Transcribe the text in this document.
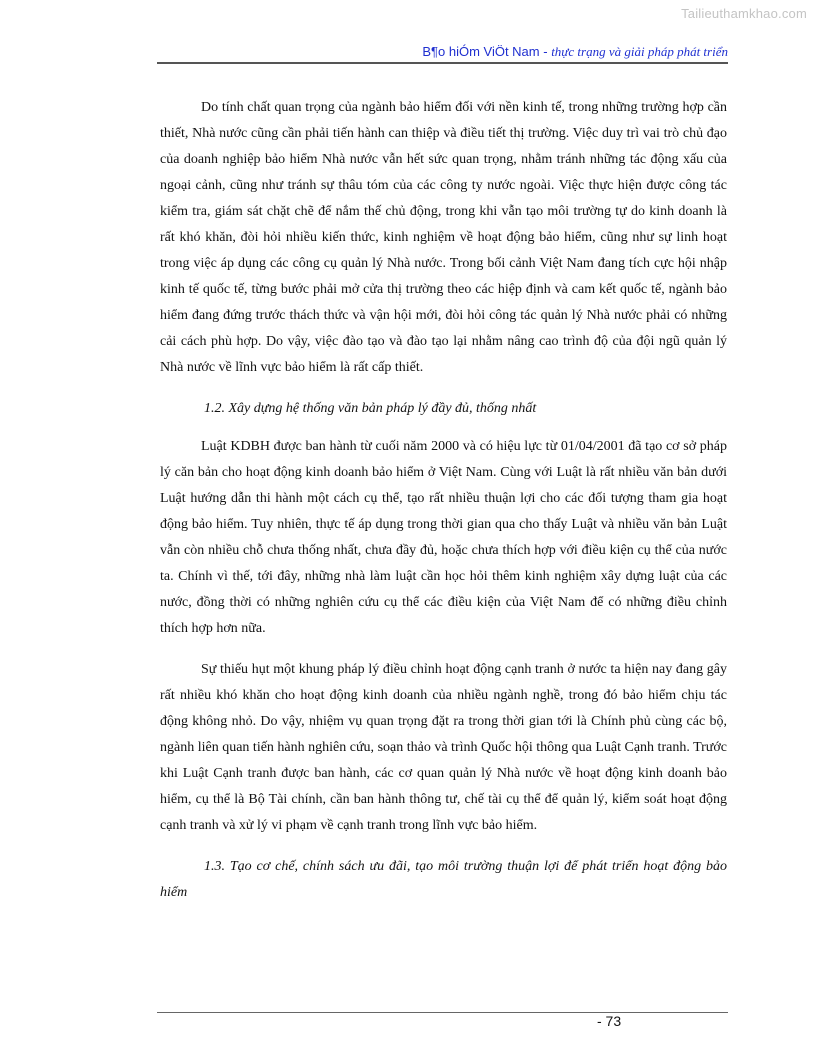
Tailieuthamkhao.com
B¶o hiÓm ViÖt Nam - thực trạng và giải pháp phát triển

Do tính chất quan trọng của ngành bảo hiểm đối với nền kinh tế, trong những trường hợp cần thiết, Nhà nước cũng cần phải tiến hành can thiệp và điều tiết thị trường. Việc duy trì vai trò chủ đạo của doanh nghiệp bảo hiểm Nhà nước vẫn hết sức quan trọng, nhằm tránh những tác động xấu của ngoại cảnh, cũng như tránh sự thâu tóm của các công ty nước ngoài. Việc thực hiện được công tác kiểm tra, giám sát chặt chẽ để nắm thế chủ động, trong khi vẫn tạo môi trường tự do kinh doanh là rất khó khăn, đòi hỏi nhiều kiến thức, kinh nghiệm về hoạt động bảo hiểm, cũng như sự linh hoạt trong việc áp dụng các công cụ quản lý Nhà nước. Trong bối cảnh Việt Nam đang tích cực hội nhập kinh tế quốc tế, từng bước phải mở cửa thị trường theo các hiệp định và cam kết quốc tế, ngành bảo hiểm đang đứng trước thách thức và vận hội mới, đòi hỏi công tác quản lý Nhà nước phải có những cải cách phù hợp. Do vậy, việc đào tạo và đào tạo lại nhằm nâng cao trình độ của đội ngũ quản lý Nhà nước về lĩnh vực bảo hiểm là rất cấp thiết.

1.2. Xây dựng hệ thống văn bản pháp lý đầy đủ, thống nhất

Luật KDBH được ban hành từ cuối năm 2000 và có hiệu lực từ 01/04/2001 đã tạo cơ sở pháp lý căn bản cho hoạt động kinh doanh bảo hiểm ở Việt Nam. Cùng với Luật là rất nhiều văn bản dưới Luật hướng dẫn thi hành một cách cụ thể, tạo rất nhiều thuận lợi cho các đối tượng tham gia hoạt động bảo hiểm. Tuy nhiên, thực tế áp dụng trong thời gian qua cho thấy Luật và nhiều văn bản Luật vẫn còn nhiều chỗ chưa thống nhất, chưa đầy đủ, hoặc chưa thích hợp với điều kiện cụ thể của nước ta. Chính vì thế, tới đây, những nhà làm luật cần học hỏi thêm kinh nghiệm xây dựng luật của các nước, đồng thời có những nghiên cứu cụ thể các điều kiện của Việt Nam để có những điều chỉnh thích hợp hơn nữa.

Sự thiếu hụt một khung pháp lý điều chỉnh hoạt động cạnh tranh ở nước ta hiện nay đang gây rất nhiều khó khăn cho hoạt động kinh doanh của nhiều ngành nghề, trong đó bảo hiểm chịu tác động không nhỏ. Do vậy, nhiệm vụ quan trọng đặt ra trong thời gian tới là Chính phủ cùng các bộ, ngành liên quan tiến hành nghiên cứu, soạn thảo và trình Quốc hội thông qua Luật Cạnh tranh. Trước khi Luật Cạnh tranh được ban hành, các cơ quan quản lý Nhà nước về hoạt động kinh doanh bảo hiểm, cụ thể là Bộ Tài chính, cần ban hành thông tư, chế tài cụ thể để quản lý, kiểm soát hoạt động cạnh tranh và xử lý vi phạm về cạnh tranh trong lĩnh vực bảo hiểm.

1.3. Tạo cơ chế, chính sách ưu đãi, tạo môi trường thuận lợi để phát triển hoạt động bảo hiểm

- 73
